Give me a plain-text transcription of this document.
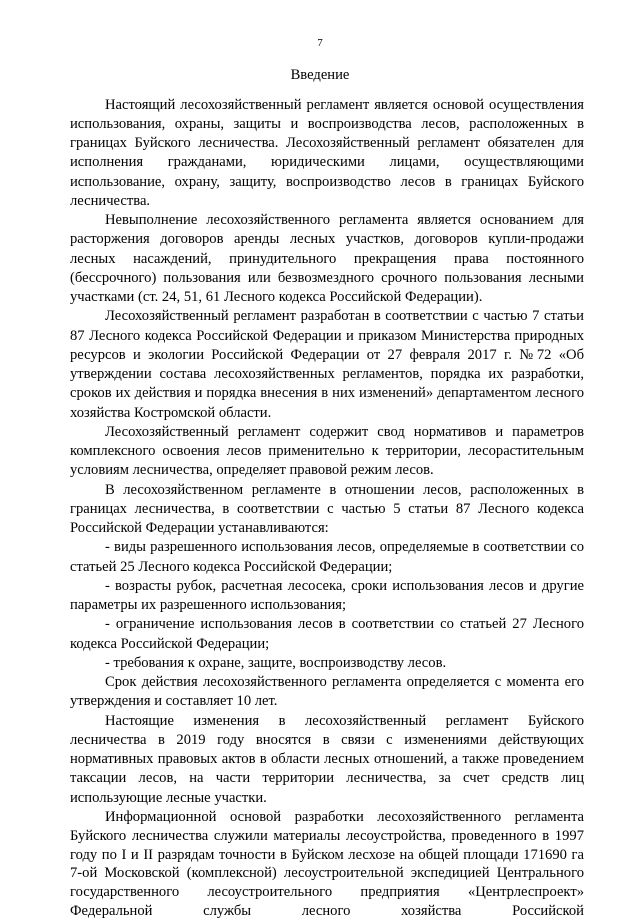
7
Введение

Настоящий лесохозяйственный регламент является основой осуществления использования, охраны, защиты и воспроизводства лесов, расположенных в границах Буйского лесничества. Лесохозяйственный регламент обязателен для исполнения гражданами, юридическими лицами, осуществляющими использование, охрану, защиту, воспроизводство лесов в границах Буйского лесничества.

Невыполнение лесохозяйственного регламента является основанием для расторжения договоров аренды лесных участков, договоров купли-продажи лесных насаждений, принудительного прекращения права постоянного (бессрочного) пользования или безвозмездного срочного пользования лесными участками (ст. 24, 51, 61 Лесного кодекса Российской Федерации).

Лесохозяйственный регламент разработан в соответствии с частью 7 статьи 87 Лесного кодекса Российской Федерации и приказом Министерства природных ресурсов и экологии Российской Федерации от 27 февраля 2017 г. №72 «Об утверждении состава лесохозяйственных регламентов, порядка их разработки, сроков их действия и порядка внесения в них изменений» департаментом лесного хозяйства Костромской области.

Лесохозяйственный регламент содержит свод нормативов и параметров комплексного освоения лесов применительно к территории, лесорастительным условиям лесничества, определяет правовой режим лесов.

В лесохозяйственном регламенте в отношении лесов, расположенных в границах лесничества, в соответствии с частью 5 статьи 87 Лесного кодекса Российской Федерации устанавливаются:

- виды разрешенного использования лесов, определяемые в соответствии со статьей 25 Лесного кодекса Российской Федерации;

- возрасты рубок, расчетная лесосека, сроки использования лесов и другие параметры их разрешенного использования;

- ограничение использования лесов в соответствии со статьей 27 Лесного кодекса Российской Федерации;

- требования к охране, защите, воспроизводству лесов.

Срок действия лесохозяйственного регламента определяется с момента его утверждения и составляет 10 лет.

Настоящие изменения в лесохозяйственный регламент Буйского лесничества в 2019 году вносятся в связи с изменениями действующих нормативных правовых актов в области лесных отношений, а также проведением таксации лесов, на части территории лесничества, за счет средств лиц использующие лесные участки.

Информационной основой разработки лесохозяйственного регламента Буйского лесничества служили материалы лесоустройства, проведенного в 1997 году по I и II разрядам точности в Буйском лесхозе на общей площади 171690 га 7-ой Московской (комплексной) лесоустроительной экспедицией Центрального государственного лесоустроительного предприятия «Центрлеспроект» Федеральной службы лесного хозяйства Российской
